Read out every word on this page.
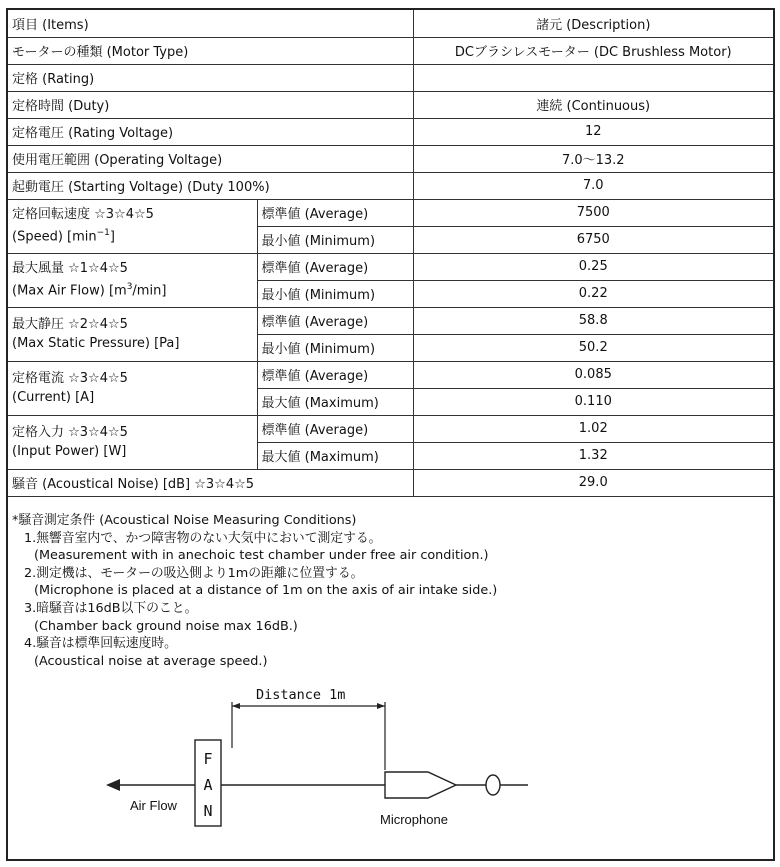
項目 (Items)		諸元 (Description)
モーターの種類 (Motor Type)		DCブラシレスモーター (DC Brushless Motor)
定格 (Rating)		
定格時間 (Duty)		連続 (Continuous)
定格電圧 (Rating Voltage)		12
使用電圧範囲 (Operating Voltage)		7.0～13.2
起動電圧 (Starting Voltage) (Duty 100%)		7.0

定格回転速度 ☆3☆4☆5
(Speed) $[\min^{-1}]$	標準値 (Average)	7500
	最小値 (Minimum)	6750

最大風量 ☆1☆4☆5
(Max Air Flow) $[m^3/\min]$	標準値 (Average)	0.25
	最小値 (Minimum)	0.22

最大静圧 ☆2☆4☆5
(Max Static Pressure) [Pa]	標準値 (Average)	58.8
	最小値 (Minimum)	50.2

定格電流 ☆3☆4☆5
(Current) [A]	標準値 (Average)	0.085
	最大値 (Maximum)	0.110

定格入力 ☆3☆4☆5
(Input Power) [W]	標準値 (Average)	1.02
	最大値 (Maximum)	1.32
騒音 (Acoustical Noise) [dB] ☆3☆4☆5		29.0
*騒音測定条件 (Acoustical Noise Measuring Conditions)
1.無響音室内で、かつ障害物のない大気中において測定する。
(Measurement with in anechoic test chamber under free air condition.)
2.測定機は、モーターの吸込側より1mの距離に位置する。
(Microphone is placed at a distance of 1m on the axis of air intake side.)
3.暗騒音は16dB以下のこと。
(Chamber back ground noise max 16dB.)
4.騒音は標準回転速度時。
(Acoustical noise at average speed.)
Distance 1m
F
A
N
Air Flow
Microphone
